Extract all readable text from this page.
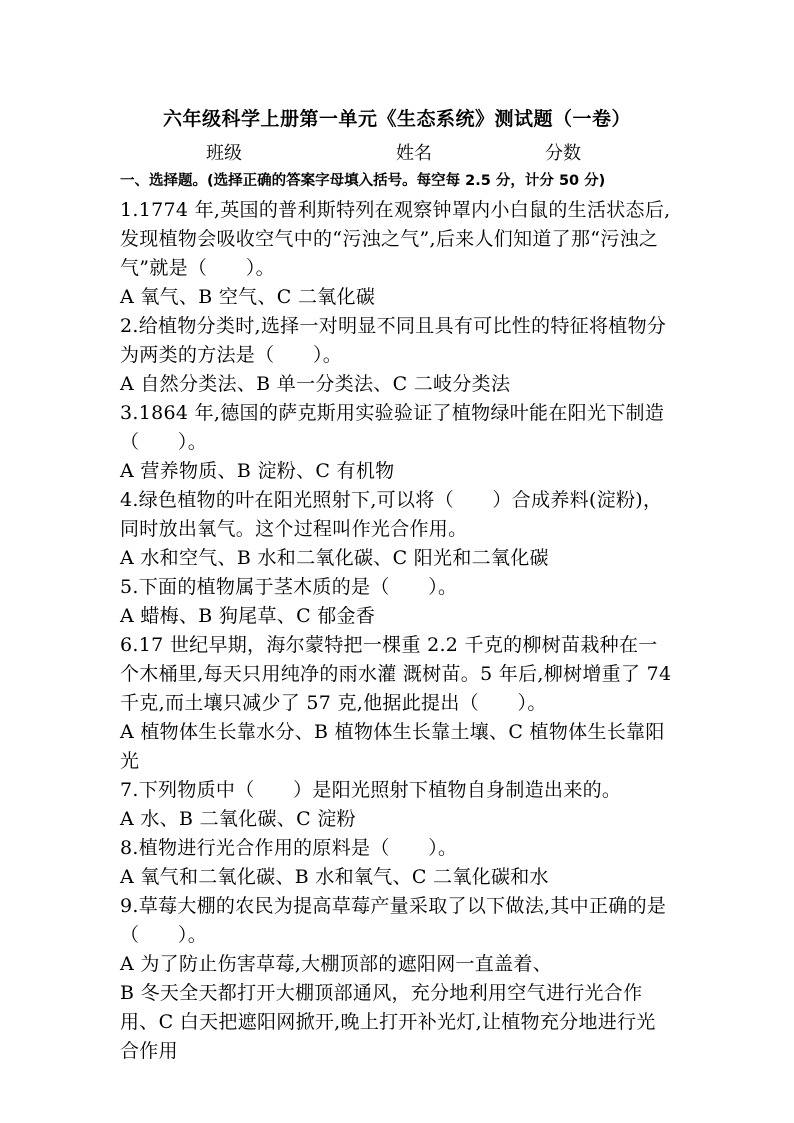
六年级科学上册第一单元《生态系统》测试题（一卷）
班级	姓名	分数
一、选择题。(选择正确的答案字母填入括号。每空每 2.5 分，计分 50 分)

1.1774 年,英国的普利斯特列在观察钟罩内小白鼠的生活状态后,发现植物会吸收空气中的“污浊之气”,后来人们知道了那“污浊之气”就是（　　）。

A 氧气、B 空气、C 二氧化碳

2.给植物分类时,选择一对明显不同且具有可比性的特征将植物分为两类的方法是（　　）。

A 自然分类法、B 单一分类法、C 二岐分类法

3.1864 年,德国的萨克斯用实验验证了植物绿叶能在阳光下制造（　　）。

A 营养物质、B 淀粉、C 有机物

4.绿色植物的叶在阳光照射下,可以将（　　）合成养料(淀粉)，同时放出氧气。这个过程叫作光合作用。

A 水和空气、B 水和二氧化碳、C 阳光和二氧化碳

5.下面的植物属于茎木质的是（　　）。

A 蜡梅、B 狗尾草、C 郁金香

6.17 世纪早期，海尔蒙特把一棵重 2.2 千克的柳树苗栽种在一个木桶里,每天只用纯净的雨水灌 溉树苗。5 年后,柳树增重了 74 千克,而土壤只减少了 57 克,他据此提出（　　）。

A 植物体生长靠水分、B 植物体生长靠土壤、C 植物体生长靠阳光

7.下列物质中（　　）是阳光照射下植物自身制造出来的。

A 水、B 二氧化碳、C 淀粉

8.植物进行光合作用的原料是（　　）。

A 氧气和二氧化碳、B 水和氧气、C 二氧化碳和水

9.草莓大棚的农民为提高草莓产量采取了以下做法,其中正确的是（　　）。

A 为了防止伤害草莓,大棚顶部的遮阳网一直盖着、

B 冬天全天都打开大棚顶部通风，充分地利用空气进行光合作用、C 白天把遮阳网掀开,晚上打开补光灯,让植物充分地进行光合作用
